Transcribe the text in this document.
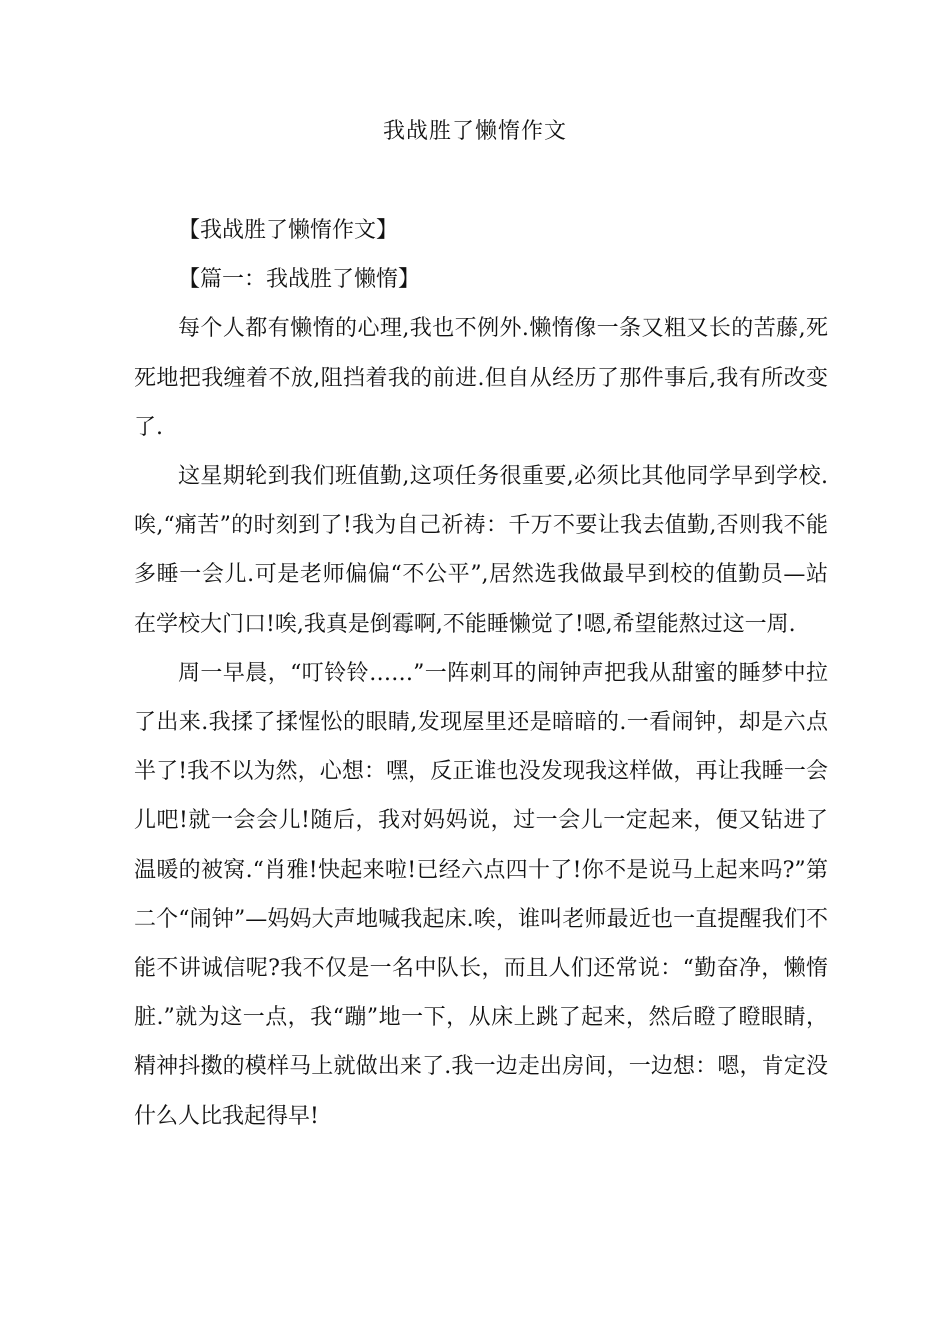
我战胜了懒惰作文

【我战胜了懒惰作文】

【篇一：我战胜了懒惰】

每个人都有懒惰的心理,我也不例外.懒惰像一条又粗又长的苦藤,死死地把我缠着不放,阻挡着我的前进.但自从经历了那件事后,我有所改变了.

这星期轮到我们班值勤,这项任务很重要,必须比其他同学早到学校.唉,“痛苦”的时刻到了!我为自己祈祷：千万不要让我去值勤,否则我不能多睡一会儿.可是老师偏偏“不公平”,居然选我做最早到校的值勤员—站在学校大门口!唉,我真是倒霉啊,不能睡懒觉了!嗯,希望能熬过这一周.

周一早晨，“叮铃铃……”一阵刺耳的闹钟声把我从甜蜜的睡梦中拉了出来.我揉了揉惺忪的眼睛,发现屋里还是暗暗的.一看闹钟，却是六点半了!我不以为然，心想：嘿，反正谁也没发现我这样做，再让我睡一会儿吧!就一会会儿!随后，我对妈妈说，过一会儿一定起来，便又钻进了温暖的被窝.“肖雅!快起来啦!已经六点四十了!你不是说马上起来吗?”第二个“闹钟”—妈妈大声地喊我起床.唉，谁叫老师最近也一直提醒我们不能不讲诚信呢?我不仅是一名中队长，而且人们还常说：“勤奋净，懒惰脏.”就为这一点，我“蹦”地一下，从床上跳了起来，然后瞪了瞪眼睛，精神抖擞的模样马上就做出来了.我一边走出房间，一边想：嗯，肯定没什么人比我起得早!
